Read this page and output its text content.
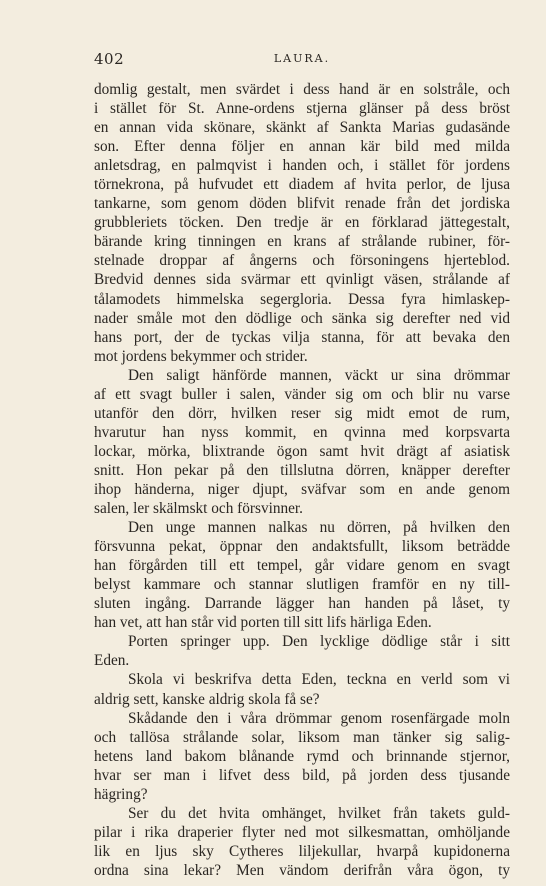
402	LAURA.
domlig gestalt, men svärdet i dess hand är en solstråle, och
i stället för St. Anne-ordens stjerna glänser på dess bröst
en annan vida skönare, skänkt af Sankta Marias gudasände
son. Efter denna följer en annan kär bild med milda
anletsdrag, en palmqvist i handen och, i stället för jordens
törnekrona, på hufvudet ett diadem af hvita perlor, de ljusa
tankarne, som genom döden blifvit renade från det jordiska
grubbleriets töcken. Den tredje är en förklarad jättegestalt,
bärande kring tinningen en krans af strålande rubiner, för-
stelnade droppar af ångerns och försoningens hjerteblod.
Bredvid dennes sida svärmar ett qvinligt väsen, strålande af
tålamodets himmelska segergloria. Dessa fyra himlaskep-
nader småle mot den dödlige och sänka sig derefter ned vid
hans port, der de tyckas vilja stanna, för att bevaka den
mot jordens bekymmer och strider.
Den saligt hänförde mannen, väckt ur sina drömmar
af ett svagt buller i salen, vänder sig om och blir nu varse
utanför den dörr, hvilken reser sig midt emot de rum,
hvarutur han nyss kommit, en qvinna med korpsvarta
lockar, mörka, blixtrande ögon samt hvit drägt af asiatisk
snitt. Hon pekar på den tillslutna dörren, knäpper derefter
ihop händerna, niger djupt, sväfvar som en ande genom
salen, ler skälmskt och försvinner.
Den unge mannen nalkas nu dörren, på hvilken den
försvunna pekat, öppnar den andaktsfullt, liksom beträdde
han förgården till ett tempel, går vidare genom en svagt
belyst kammare och stannar slutligen framför en ny till-
sluten ingång. Darrande lägger han handen på låset, ty
han vet, att han står vid porten till sitt lifs härliga Eden.
Porten springer upp. Den lycklige dödlige står i sitt
Eden.
Skola vi beskrifva detta Eden, teckna en verld som vi
aldrig sett, kanske aldrig skola få se?
Skådande den i våra drömmar genom rosenfärgade moln
och tallösa strålande solar, liksom man tänker sig salig-
hetens land bakom blånande rymd och brinnande stjernor,
hvar ser man i lifvet dess bild, på jorden dess tjusande
hägring?
Ser du det hvita omhänget, hvilket från takets guld-
pilar i rika draperier flyter ned mot silkesmattan, omhöljande
lik en ljus sky Cytheres liljekullar, hvarpå kupidonerna
ordna sina lekar? Men vändom derifrån våra ögon, ty
